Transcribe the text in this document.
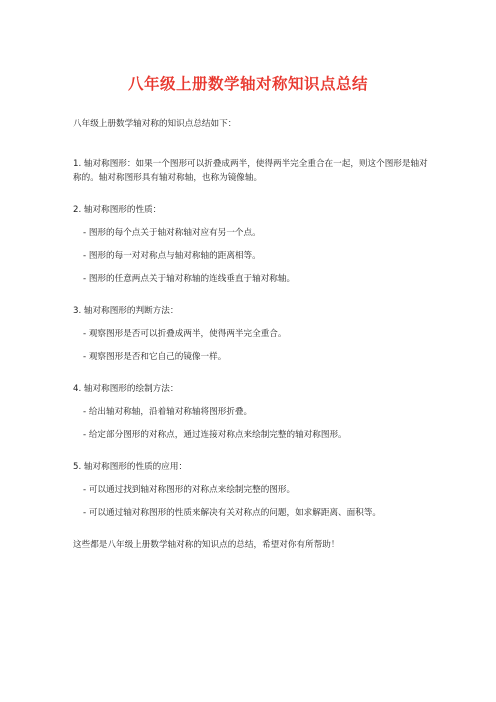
八年级上册数学轴对称知识点总结

八年级上册数学轴对称的知识点总结如下：

1. 轴对称图形：如果一个图形可以折叠成两半，使得两半完全重合在一起，则这个图形是轴对称的。轴对称图形具有轴对称轴，也称为镜像轴。

2. 轴对称图形的性质：

- 图形的每个点关于轴对称轴对应有另一个点。

- 图形的每一对对称点与轴对称轴的距离相等。

- 图形的任意两点关于轴对称轴的连线垂直于轴对称轴。

3. 轴对称图形的判断方法：

- 观察图形是否可以折叠成两半，使得两半完全重合。

- 观察图形是否和它自己的镜像一样。

4. 轴对称图形的绘制方法：

- 给出轴对称轴，沿着轴对称轴将图形折叠。

- 给定部分图形的对称点，通过连接对称点来绘制完整的轴对称图形。

5. 轴对称图形的性质的应用：

- 可以通过找到轴对称图形的对称点来绘制完整的图形。

- 可以通过轴对称图形的性质来解决有关对称点的问题，如求解距离、面积等。

这些都是八年级上册数学轴对称的知识点的总结，希望对你有所帮助！
